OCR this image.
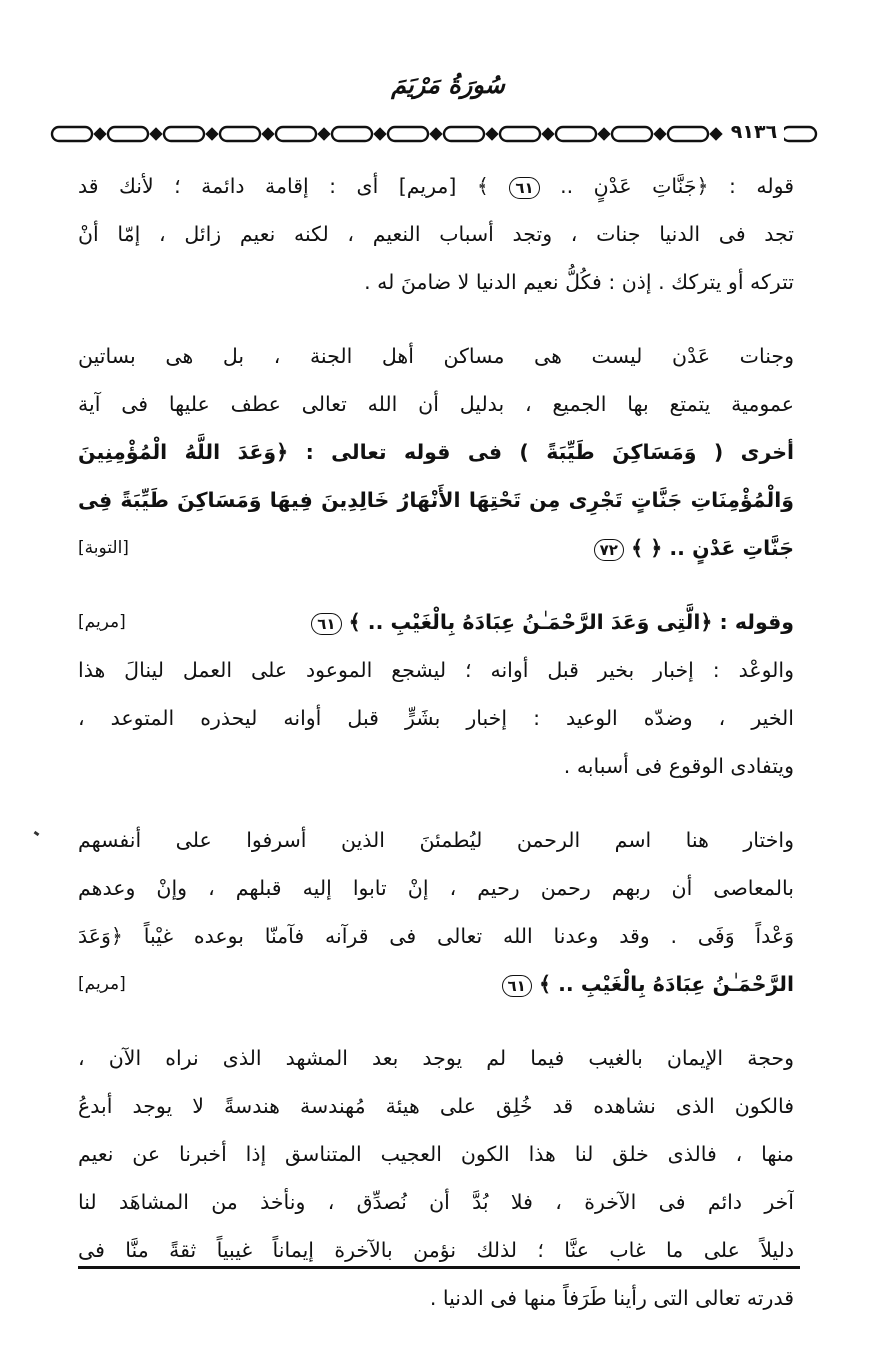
سُورَةُ مَرْيَمَ
٩١٣٦
قوله : ﴿جَنَّاتِ عَدْنٍ .. ٦١ ﴾ [مريم] أى : إقامة دائمة ؛ لأنك قد
تجد فى الدنيا جنات ، وتجد أسباب النعيم ، لكنه نعيم زائل ، إمّا أنْ
تتركه أو يتركك . إذن : فكُلُّ نعيم الدنيا لا ضامنَ له .
وجنات عَدْن ليست هى مساكن أهل الجنة ، بل هى بساتين
عمومية يتمتع بها الجميع ، بدليل أن الله تعالى عطف عليها فى آية
أخرى ( وَمَسَاكِنَ طَيِّبَةً ) فى قوله تعالى : ﴿وَعَدَ اللَّهُ الْمُؤْمِنِينَ
وَالْمُؤْمِنَاتِ جَنَّاتٍ تَجْرِى مِن تَحْتِهَا الأَنْهَارُ خَالِدِينَ فِيهَا وَمَسَاكِنَ طَيِّبَةً فِى
جَنَّاتِ عَدْنٍ .. ﴿ ﴾ ٧٢
[التوبة]
وقوله : ﴿الَّتِى وَعَدَ الرَّحْمَـٰنُ عِبَادَهُ بِالْغَيْبِ .. ﴾ ٦١
[مريم]
والوعْد : إخبار بخير قبل أوانه ؛ ليشجع الموعود على العمل لينالَ هذا
الخير ، وضدّه الوعيد : إخبار بشَرٍّ قبل أوانه ليحذره المتوعد ،
ويتفادى الوقوع فى أسبابه .
واختار هنا اسم الرحمن ليُطمئنَ الذين أسرفوا على أنفسهم
بالمعاصى أن ربهم رحمن رحيم ، إنْ تابوا إليه قبلهم ، وإنْ وعدهم
وَعْداً وَفَى . وقد وعدنا الله تعالى فى قرآنه فآمنّا بوعده غيْباً ﴿وَعَدَ
الرَّحْمَـٰنُ عِبَادَهُ بِالْغَيْبِ .. ﴾ ٦١
[مريم]
وحجة الإيمان بالغيب فيما لم يوجد بعد المشهد الذى نراه الآن ،
فالكون الذى نشاهده قد خُلِق على هيئة مُهندسة هندسةً لا يوجد أبدعُ
منها ، فالذى خلق لنا هذا الكون العجيب المتناسق إذا أخبرنا عن نعيم
آخر دائم فى الآخرة ، فلا بُدَّ أن نُصدِّق ، ونأخذ من المشاهَد لنا
دليلاً على ما غاب عنَّا ؛ لذلك نؤمن بالآخرة إيماناً غيبياً ثقةً منَّا فى
قدرته تعالى التى رأينا طَرَفاً منها فى الدنيا .
